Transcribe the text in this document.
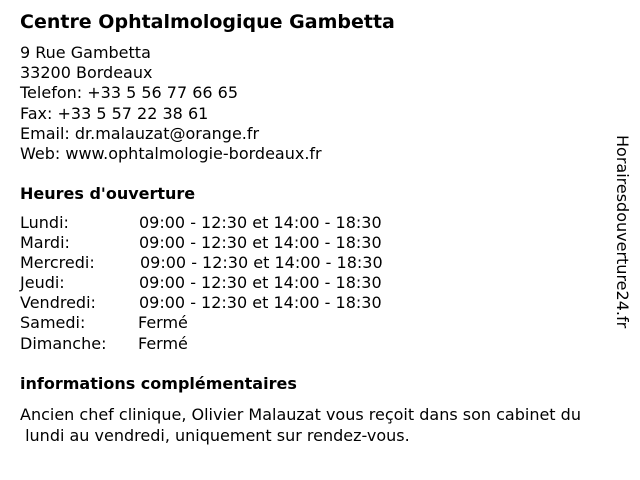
Centre Ophtalmologique Gambetta
9 Rue Gambetta
33200 Bordeaux
Telefon: +33 5 56 77 66 65
Fax: +33 5 57 22 38 61
Email: dr.malauzat@orange.fr
Web: www.ophtalmologie-bordeaux.fr
Heures d'ouverture
Lundi:	09:00 - 12:30 et 14:00 - 18:30
Mardi:	09:00 - 12:30 et 14:00 - 18:30
Mercredi:	09:00 - 12:30 et 14:00 - 18:30
Jeudi:	09:00 - 12:30 et 14:00 - 18:30
Vendredi:	09:00 - 12:30 et 14:00 - 18:30
Samedi:	Fermé
Dimanche: Fermé
informations complémentaires
Ancien chef clinique, Olivier Malauzat vous reçoit dans son cabinet du
lundi au vendredi, uniquement sur rendez-vous.
Horairesdouverture24.fr
